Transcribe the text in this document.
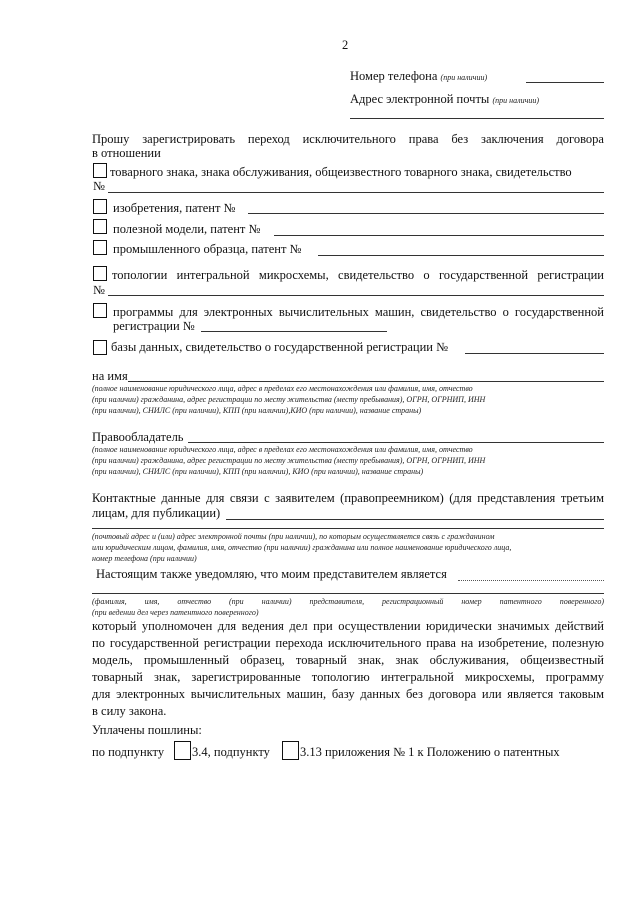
2
Номер телефона (при наличии)
Адрес электронной почты (при наличии)
Прошу зарегистрировать переход исключительного права без заключения договора
в отношении
товарного знака, знака обслуживания, общеизвестного товарного знака, свидетельство
№
изобретения, патент №
полезной модели, патент №
промышленного образца, патент №
топологии интегральной микросхемы, свидетельство о государственной регистрации
№
программы для электронных вычислительных машин, свидетельство о государственной
регистрации №
базы данных, свидетельство о государственной регистрации №
на имя
(полное наименование юридического лица, адрес в пределах его местонахождения или фамилия, имя, отчество
(при наличии) гражданина, адрес регистрации по месту жительства (месту пребывания), ОГРН, ОГРНИП, ИНН
(при наличии), СНИЛС (при наличии), КПП (при наличии),КИО (при наличии), название страны)
Правообладатель
(полное наименование юридического лица, адрес в пределах его местонахождения или фамилия, имя, отчество
(при наличии) гражданина, адрес регистрации по месту жительства (месту пребывания), ОГРН, ОГРНИП, ИНН
(при наличии), СНИЛС (при наличии), КПП (при наличии), КИО (при наличии), название страны)
Контактные данные для связи с заявителем (правопреемником) (для представления третьим
лицам, для публикации)
(почтовый адрес и (или) адрес электронной почты (при наличии), по которым осуществляется связь с гражданином
или юридическим лицом, фамилия, имя, отчество (при наличии) гражданина или полное наименование юридического лица,
номер телефона (при наличии)
Настоящим также уведомляю, что моим представителем является
(фамилия, имя, отчество (при наличии) представителя, регистрационный номер патентного поверенного)
(при ведении дел через патентного поверенного)
который уполномочен для ведения дел при осуществлении юридически значимых действий
по государственной регистрации перехода исключительного права на изобретение, полезную
модель, промышленный образец, товарный знак, знак обслуживания, общеизвестный
товарный знак, зарегистрированные топологию интегральной микросхемы, программу
для электронных вычислительных машин, базу данных без договора или является таковым
в силу закона.
Уплачены пошлины:
по подпункту 3.4, подпункту 3.13 приложения № 1 к Положению о патентных
